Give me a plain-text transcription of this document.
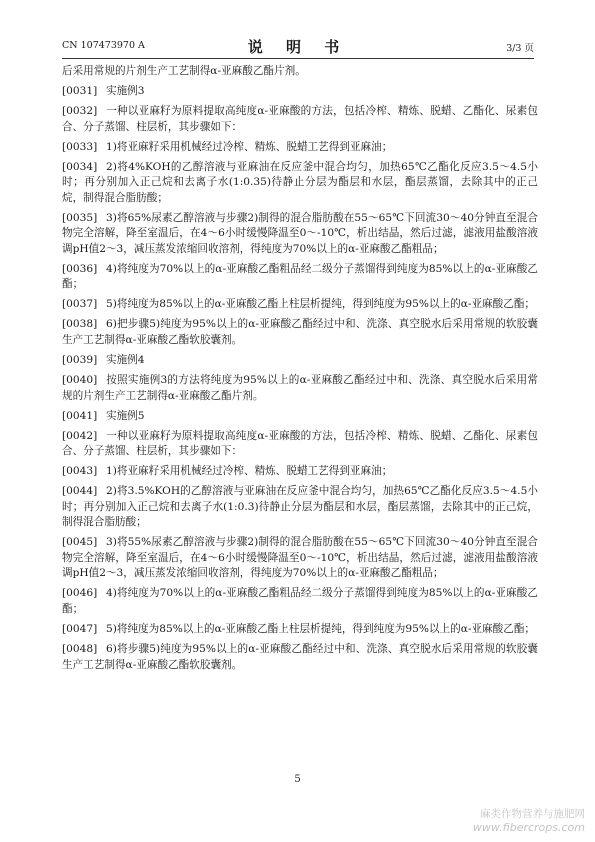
CN 107473970 A	说 明 书	3/3 页
后采用常规的片剂生产工艺制得α-亚麻酸乙酯片剂。
[0031] 实施例3
[0032] 一种以亚麻籽为原料提取高纯度α-亚麻酸的方法，包括冷榨、精炼、脱蜡、乙酯化、尿素包合、分子蒸馏、柱层析，其步骤如下：
[0033] 1)将亚麻籽采用机械经过冷榨、精炼、脱蜡工艺得到亚麻油；
[0034] 2)将4%KOH的乙醇溶液与亚麻油在反应釜中混合均匀，加热65℃乙酯化反应3.5～4.5小时；再分别加入正己烷和去离子水(1:0.35)待静止分层为酯层和水层，酯层蒸馏，去除其中的正己烷，制得混合脂肪酸；
[0035] 3)将65%尿素乙醇溶液与步骤2)制得的混合脂肪酸在55～65℃下回流30～40分钟直至混合物完全溶解，降至室温后，在4～6小时缓慢降温至0～-10℃，析出结晶，然后过滤，滤液用盐酸溶液调pH值2～3，减压蒸发浓缩回收溶剂，得纯度为70%以上的α-亚麻酸乙酯粗品；
[0036] 4)将纯度为70%以上的α-亚麻酸乙酯粗品经二级分子蒸馏得到纯度为85%以上的α-亚麻酸乙酯；
[0037] 5)将纯度为85%以上的α-亚麻酸乙酯上柱层析提纯，得到纯度为95%以上的α-亚麻酸乙酯；
[0038] 6)把步骤5)纯度为95%以上的α-亚麻酸乙酯经过中和、洗涤、真空脱水后采用常规的软胶囊生产工艺制得α-亚麻酸乙酯软胶囊剂。
[0039] 实施例4
[0040] 按照实施例3的方法将纯度为95%以上的α-亚麻酸乙酯经过中和、洗涤、真空脱水后采用常规的片剂生产工艺制得α-亚麻酸乙酯片剂。
[0041] 实施例5
[0042] 一种以亚麻籽为原料提取高纯度α-亚麻酸的方法，包括冷榨、精炼、脱蜡、乙酯化、尿素包合、分子蒸馏、柱层析，其步骤如下：
[0043] 1)将亚麻籽采用机械经过冷榨、精炼、脱蜡工艺得到亚麻油；
[0044] 2)将3.5%KOH的乙醇溶液与亚麻油在反应釜中混合均匀，加热65℃乙酯化反应3.5～4.5小时；再分别加入正己烷和去离子水(1:0.3)待静止分层为酯层和水层，酯层蒸馏，去除其中的正己烷，制得混合脂肪酸；
[0045] 3)将55%尿素乙醇溶液与步骤2)制得的混合脂肪酸在55～65℃下回流30～40分钟直至混合物完全溶解，降至室温后，在4～6小时缓慢降温至0～-10℃，析出结晶，然后过滤，滤液用盐酸溶液调pH值2～3，减压蒸发浓缩回收溶剂，得纯度为70%以上的α-亚麻酸乙酯粗品；
[0046] 4)将纯度为70%以上的α-亚麻酸乙酯粗品经二级分子蒸馏得到纯度为85%以上的α-亚麻酸乙酯；
[0047] 5)将纯度为85%以上的α-亚麻酸乙酯上柱层析提纯，得到纯度为95%以上的α-亚麻酸乙酯；
[0048] 6)将步骤5)纯度为95%以上的α-亚麻酸乙酯经过中和、洗涤、真空脱水后采用常规的软胶囊生产工艺制得α-亚麻酸乙酯软胶囊剂。
5
麻类作物营养与施肥网
www.fibercrops.com
